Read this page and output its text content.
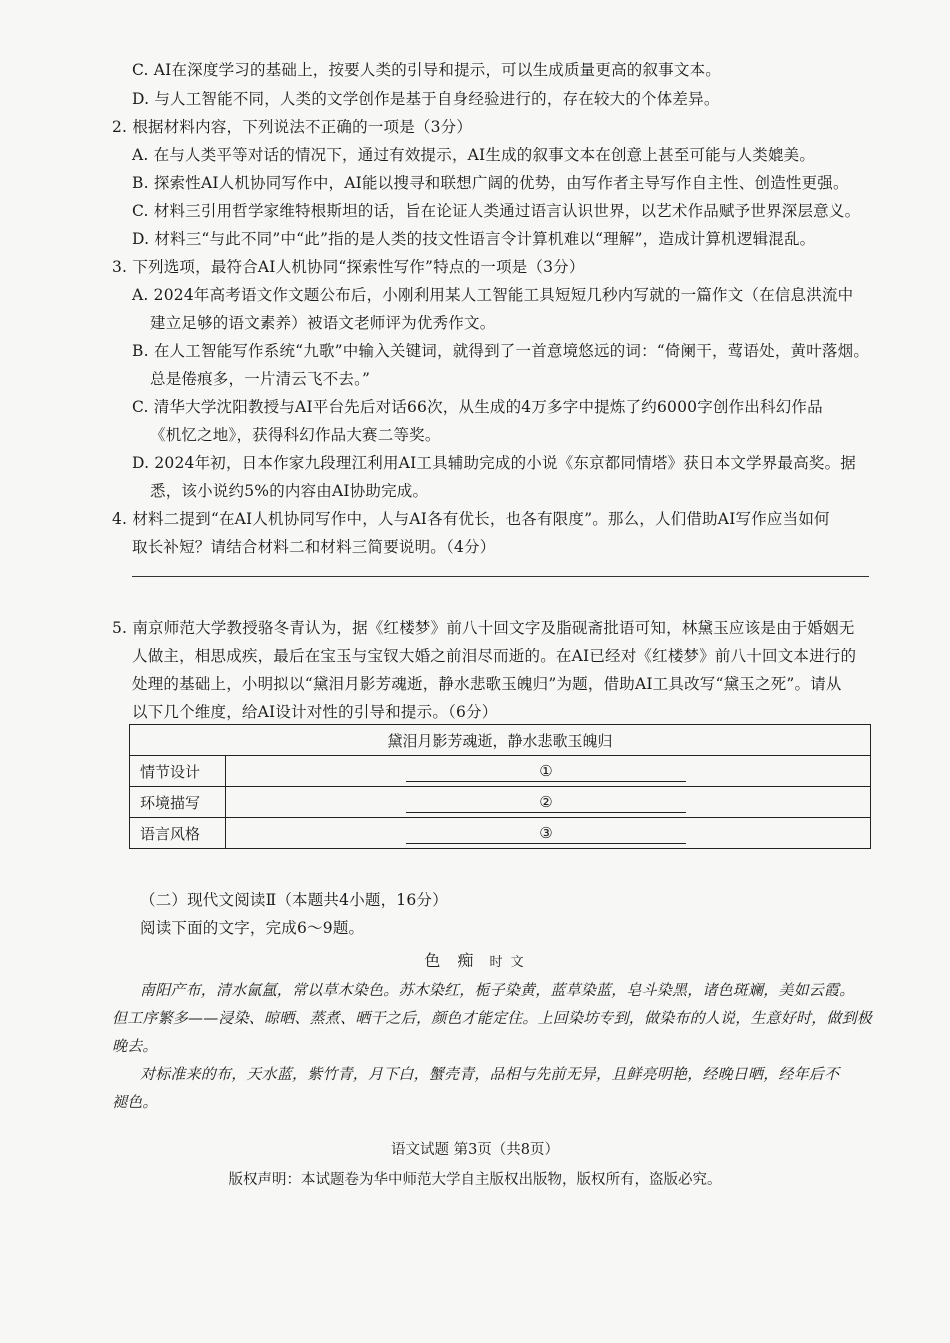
C. AI在深度学习的基础上，按要人类的引导和提示，可以生成质量更高的叙事文本。
D. 与人工智能不同，人类的文学创作是基于自身经验进行的，存在较大的个体差异。
2. 根据材料内容，下列说法不正确的一项是（3分）
A. 在与人类平等对话的情况下，通过有效提示，AI生成的叙事文本在创意上甚至可能与人类媲美。
B. 探索性AI人机协同写作中，AI能以搜寻和联想广阔的优势，由写作者主导写作自主性、创造性更强。
C. 材料三引用哲学家维特根斯坦的话，旨在论证人类通过语言认识世界，以艺术作品赋予世界深层意义。
D. 材料三“与此不同”中“此”指的是人类的技文性语言令计算机难以“理解”，造成计算机逻辑混乱。
3. 下列选项，最符合AI人机协同“探索性写作”特点的一项是（3分）
A. 2024年高考语文作文题公布后，小刚利用某人工智能工具短短几秒内写就的一篇作文（在信息洪流中
建立足够的语文素养）被语文老师评为优秀作文。
B. 在人工智能写作系统“九歌”中输入关键词，就得到了一首意境悠远的词：“倚阑干，莺语处，黄叶落烟。
总是倦痕多，一片清云飞不去。”
C. 清华大学沈阳教授与AI平台先后对话66次，从生成的4万多字中提炼了约6000字创作出科幻作品
《机忆之地》，获得科幻作品大赛二等奖。
D. 2024年初，日本作家九段理江利用AI工具辅助完成的小说《东京都同情塔》获日本文学界最高奖。据
悉，该小说约5%的内容由AI协助完成。
4. 材料二提到“在AI人机协同写作中，人与AI各有优长，也各有限度”。那么，人们借助AI写作应当如何
取长补短？请结合材料二和材料三简要说明。（4分）
5. 南京师范大学教授骆冬青认为，据《红楼梦》前八十回文字及脂砚斋批语可知，林黛玉应该是由于婚姻无
人做主，相思成疾，最后在宝玉与宝钗大婚之前泪尽而逝的。在AI已经对《红楼梦》前八十回文本进行的
处理的基础上，小明拟以“黛泪月影芳魂逝，静水悲歌玉魄归”为题，借助AI工具改写“黛玉之死”。请从
以下几个维度，给AI设计对性的引导和提示。（6分）
黛泪月影芳魂逝，静水悲歌玉魄归	
情节设计	①
环境描写	②
语言风格	③
（二）现代文阅读Ⅱ（本题共4小题，16分）
阅读下面的文字，完成6～9题。
色 痴 时 文
南阳产布，清水氤氲，常以草木染色。苏木染红，栀子染黄，蓝草染蓝，皂斗染黑，诸色斑斓，美如云霞。
但工序繁多——浸染、晾晒、蒸煮、晒干之后，颜色才能定住。上回染坊专到，做染布的人说，生意好时，做到极
晚去。
对标准来的布，天水蓝，紫竹青，月下白，蟹壳青，品相与先前无异，且鲜亮明艳，经晚日晒，经年后不
褪色。
语文试题 第3页（共8页）
版权声明：本试题卷为华中师范大学自主版权出版物，版权所有，盗版必究。
